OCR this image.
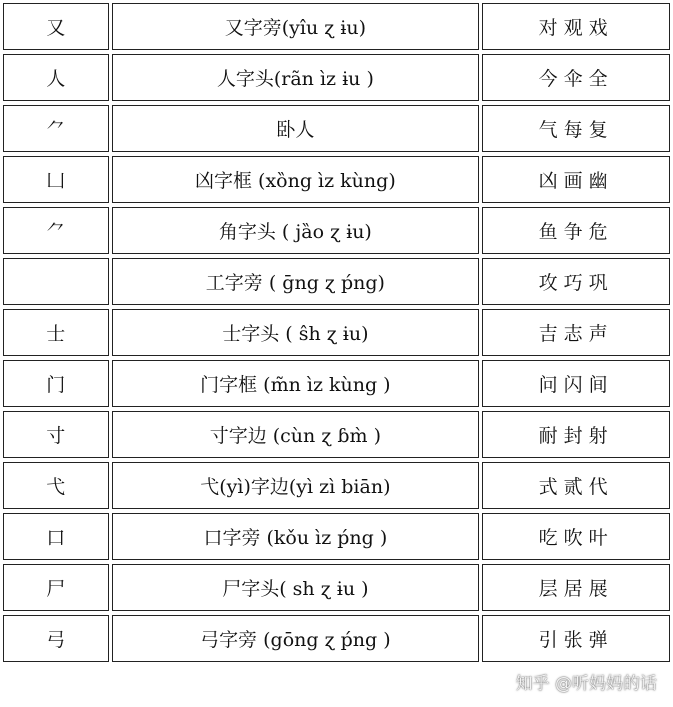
又	又字旁(yîu ɀ ɨu)	对观戏
人	人字头(rãn ìz ɨu )	今伞全
⺈	卧人	气每复
凵	凶字框 (xȍng ìz kùng)	凶画幽
⺈	角字头 ( jȁo ɀ ɨu)	鱼争危
	工字旁 ( ḡng ɀ ṕng)	攻巧巩
士	士字头 ( ŝh ɀ ɨu)	吉志声
门	门字框 (m̃n ìz kùng )	问闪间
寸	寸字边 (cùn ɀ ɓm̀ )	耐封射
弋	弋(yì)字边(yì zì biān)	式贰代
口	口字旁 (kǒu ìz ṕng )	吃吹叶
尸	尸字头( sh ɀ ɨu )	层居展
弓	弓字旁 (gōng ɀ ṕng )	引张弹
知乎 @听妈妈的话
